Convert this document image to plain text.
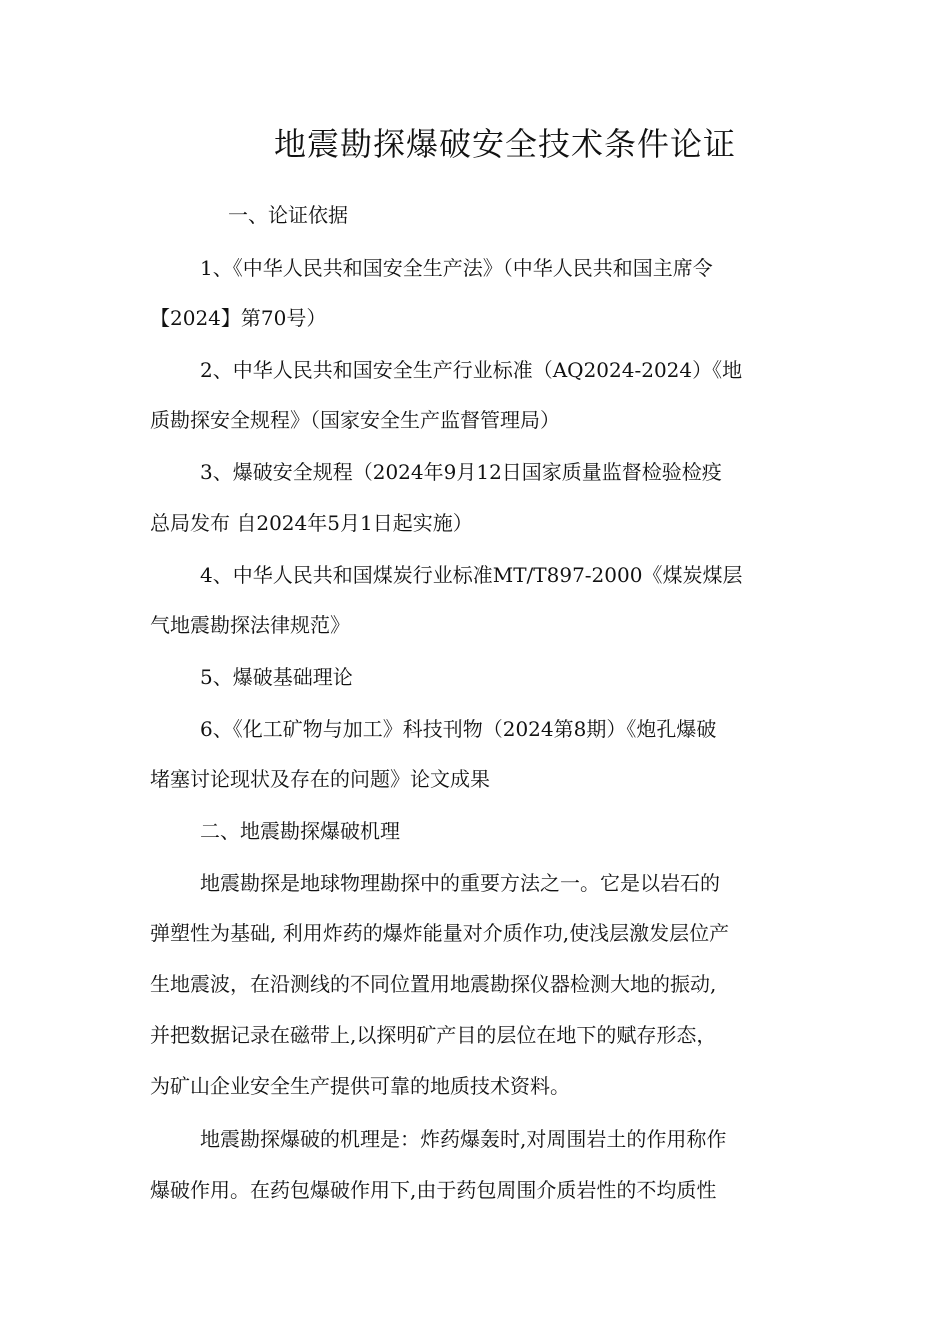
地震勘探爆破安全技术条件论证
一、论证依据
1、《中华人民共和国安全生产法》（中华人民共和国主席令
【2024】第70号）
2、中华人民共和国安全生产行业标准（AQ2024-2024）《地
质勘探安全规程》（国家安全生产监督管理局）
3、爆破安全规程（2024年9月12日国家质量监督检验检疫
总局发布 自2024年5月1日起实施）
4、中华人民共和国煤炭行业标准MT/T897-2000《煤炭煤层
气地震勘探法律规范》
5、爆破基础理论
6、《化工矿物与加工》科技刊物（2024第8期）《炮孔爆破
堵塞讨论现状及存在的问题》论文成果
二、地震勘探爆破机理
地震勘探是地球物理勘探中的重要方法之一。它是以岩石的
弹塑性为基础, 利用炸药的爆炸能量对介质作功,使浅层激发层位产
生地震波，在沿测线的不同位置用地震勘探仪器检测大地的振动,
并把数据记录在磁带上,以探明矿产目的层位在地下的赋存形态，
为矿山企业安全生产提供可靠的地质技术资料。
地震勘探爆破的机理是：炸药爆轰时,对周围岩土的作用称作
爆破作用。在药包爆破作用下,由于药包周围介质岩性的不均质性
